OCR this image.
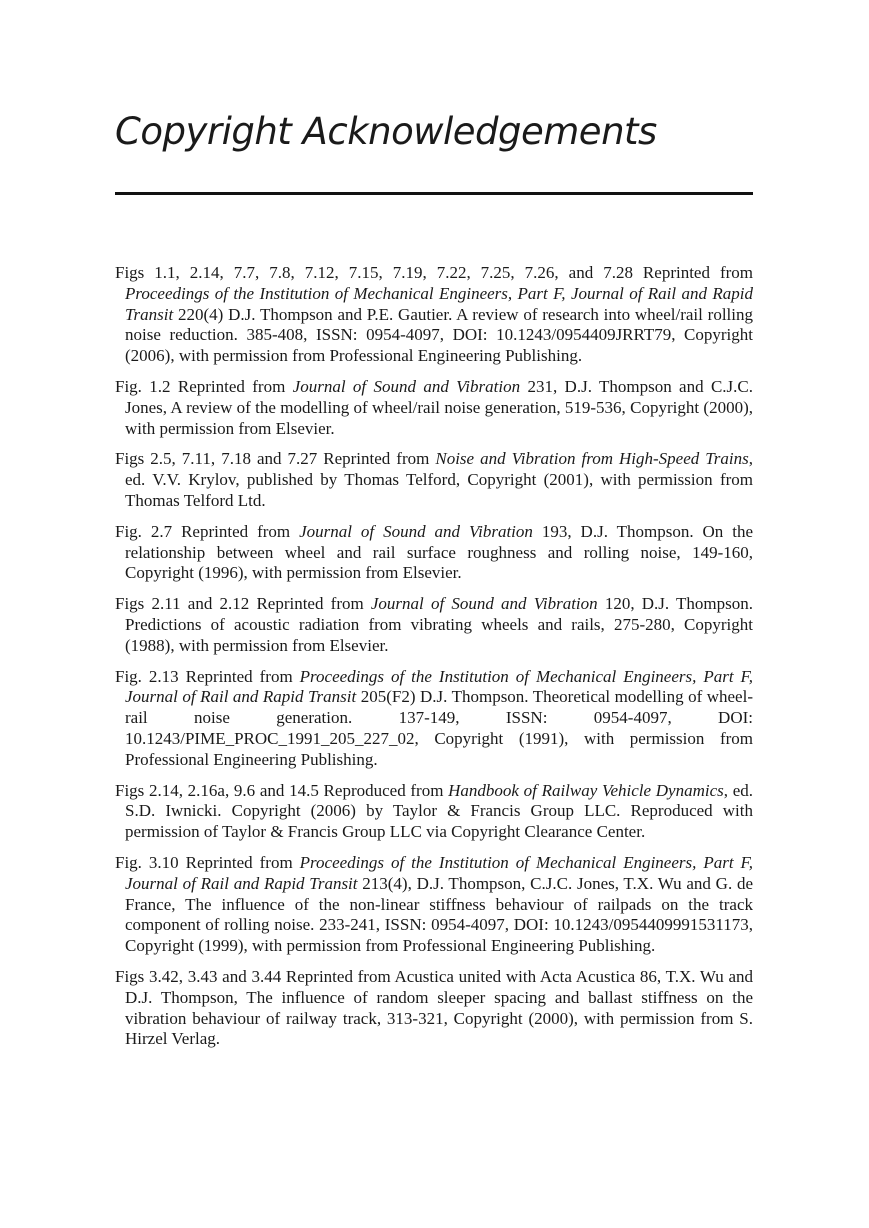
Copyright Acknowledgements

Figs 1.1, 2.14, 7.7, 7.8, 7.12, 7.15, 7.19, 7.22, 7.25, 7.26, and 7.28 Reprinted from Proceedings of the Institution of Mechanical Engineers, Part F, Journal of Rail and Rapid Transit 220(4) D.J. Thompson and P.E. Gautier. A review of research into wheel/rail rolling noise reduction. 385-408, ISSN: 0954-4097, DOI: 10.1243/0954409JRRT79, Copyright (2006), with permission from Professional Engineering Publishing.

Fig. 1.2 Reprinted from Journal of Sound and Vibration 231, D.J. Thompson and C.J.C. Jones, A review of the modelling of wheel/rail noise generation, 519-536, Copyright (2000), with permission from Elsevier.

Figs 2.5, 7.11, 7.18 and 7.27 Reprinted from Noise and Vibration from High-Speed Trains, ed. V.V. Krylov, published by Thomas Telford, Copyright (2001), with permission from Thomas Telford Ltd.

Fig. 2.7 Reprinted from Journal of Sound and Vibration 193, D.J. Thompson. On the relationship between wheel and rail surface roughness and rolling noise, 149-160, Copyright (1996), with permission from Elsevier.

Figs 2.11 and 2.12 Reprinted from Journal of Sound and Vibration 120, D.J. Thompson. Predictions of acoustic radiation from vibrating wheels and rails, 275-280, Copyright (1988), with permission from Elsevier.

Fig. 2.13 Reprinted from Proceedings of the Institution of Mechanical Engineers, Part F, Journal of Rail and Rapid Transit 205(F2) D.J. Thompson. Theoretical modelling of wheel-rail noise generation. 137-149, ISSN: 0954-4097, DOI: 10.1243/PIME_PROC_1991_205_227_02, Copyright (1991), with permission from Professional Engineering Publishing.

Figs 2.14, 2.16a, 9.6 and 14.5 Reproduced from Handbook of Railway Vehicle Dynamics, ed. S.D. Iwnicki. Copyright (2006) by Taylor & Francis Group LLC. Reproduced with permission of Taylor & Francis Group LLC via Copyright Clearance Center.

Fig. 3.10 Reprinted from Proceedings of the Institution of Mechanical Engineers, Part F, Journal of Rail and Rapid Transit 213(4), D.J. Thompson, C.J.C. Jones, T.X. Wu and G. de France, The influence of the non-linear stiffness behaviour of railpads on the track component of rolling noise. 233-241, ISSN: 0954-4097, DOI: 10.1243/0954409991531173, Copyright (1999), with permission from Professional Engineering Publishing.

Figs 3.42, 3.43 and 3.44 Reprinted from Acustica united with Acta Acustica 86, T.X. Wu and D.J. Thompson, The influence of random sleeper spacing and ballast stiffness on the vibration behaviour of railway track, 313-321, Copyright (2000), with permission from S. Hirzel Verlag.
